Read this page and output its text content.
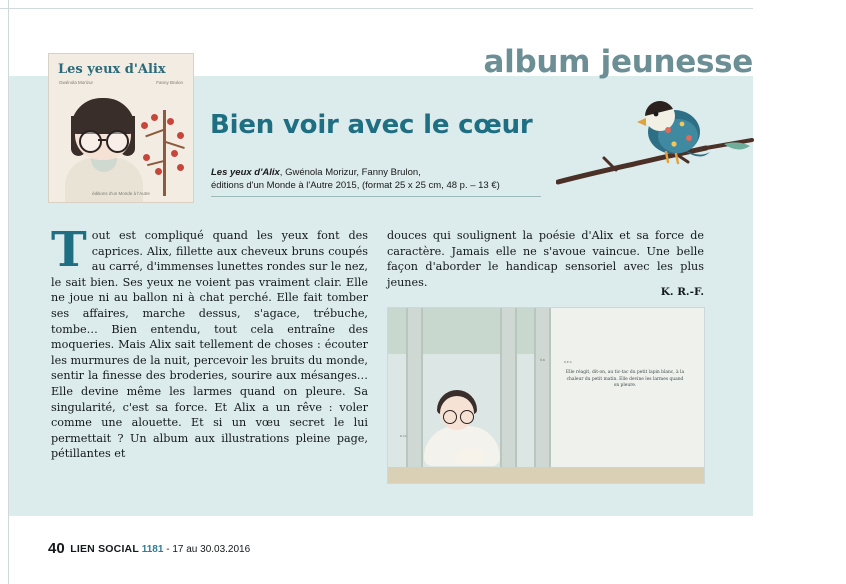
album jeunesse
Les yeux d'Alix
Gwénola Morizur	Fanny Brulon
éditions d'un Monde à l'Autre
Bien voir avec le cœur
Les yeux d'Alix, Gwénola Morizur, Fanny Brulon,
éditions d'un Monde à l'Autre 2015, (format 25 x 25 cm, 48 p. – 13 €)
Tout est compliqué quand les yeux font des caprices. Alix, fillette aux cheveux bruns coupés au carré, d'immenses lunettes rondes sur le nez, le sait bien. Ses yeux ne voient pas vraiment clair. Elle ne joue ni au ballon ni à chat perché. Elle fait tomber ses affaires, marche dessus, s'agace, trébuche, tombe… Bien entendu, tout cela entraîne des moqueries. Mais Alix sait tellement de choses : écouter les murmures de la nuit, percevoir les bruits du monde, sentir la finesse des broderies, sourire aux mésanges… Elle devine même les larmes quand on pleure. Sa singularité, c'est sa force. Et Alix a un rêve : voler comme une alouette. Et si un vœu secret le lui permettait ? Un album aux illustrations pleine page, pétillantes et
douces qui soulignent la poésie d'Alix et sa force de caractère. Jamais elle ne s'avoue vaincue. Une belle façon d'aborder le handicap sensoriel avec les plus jeunes.
K. R.-F.
Elle réagit, dit-on, au tic-tac du petit lapin blanc, à la chaleur du petit matin. Elle devine les larmes quand on pleure.
il a	s.e.c
s.i.c
40 LIEN SOCIAL 1181 - 17 au 30.03.2016
